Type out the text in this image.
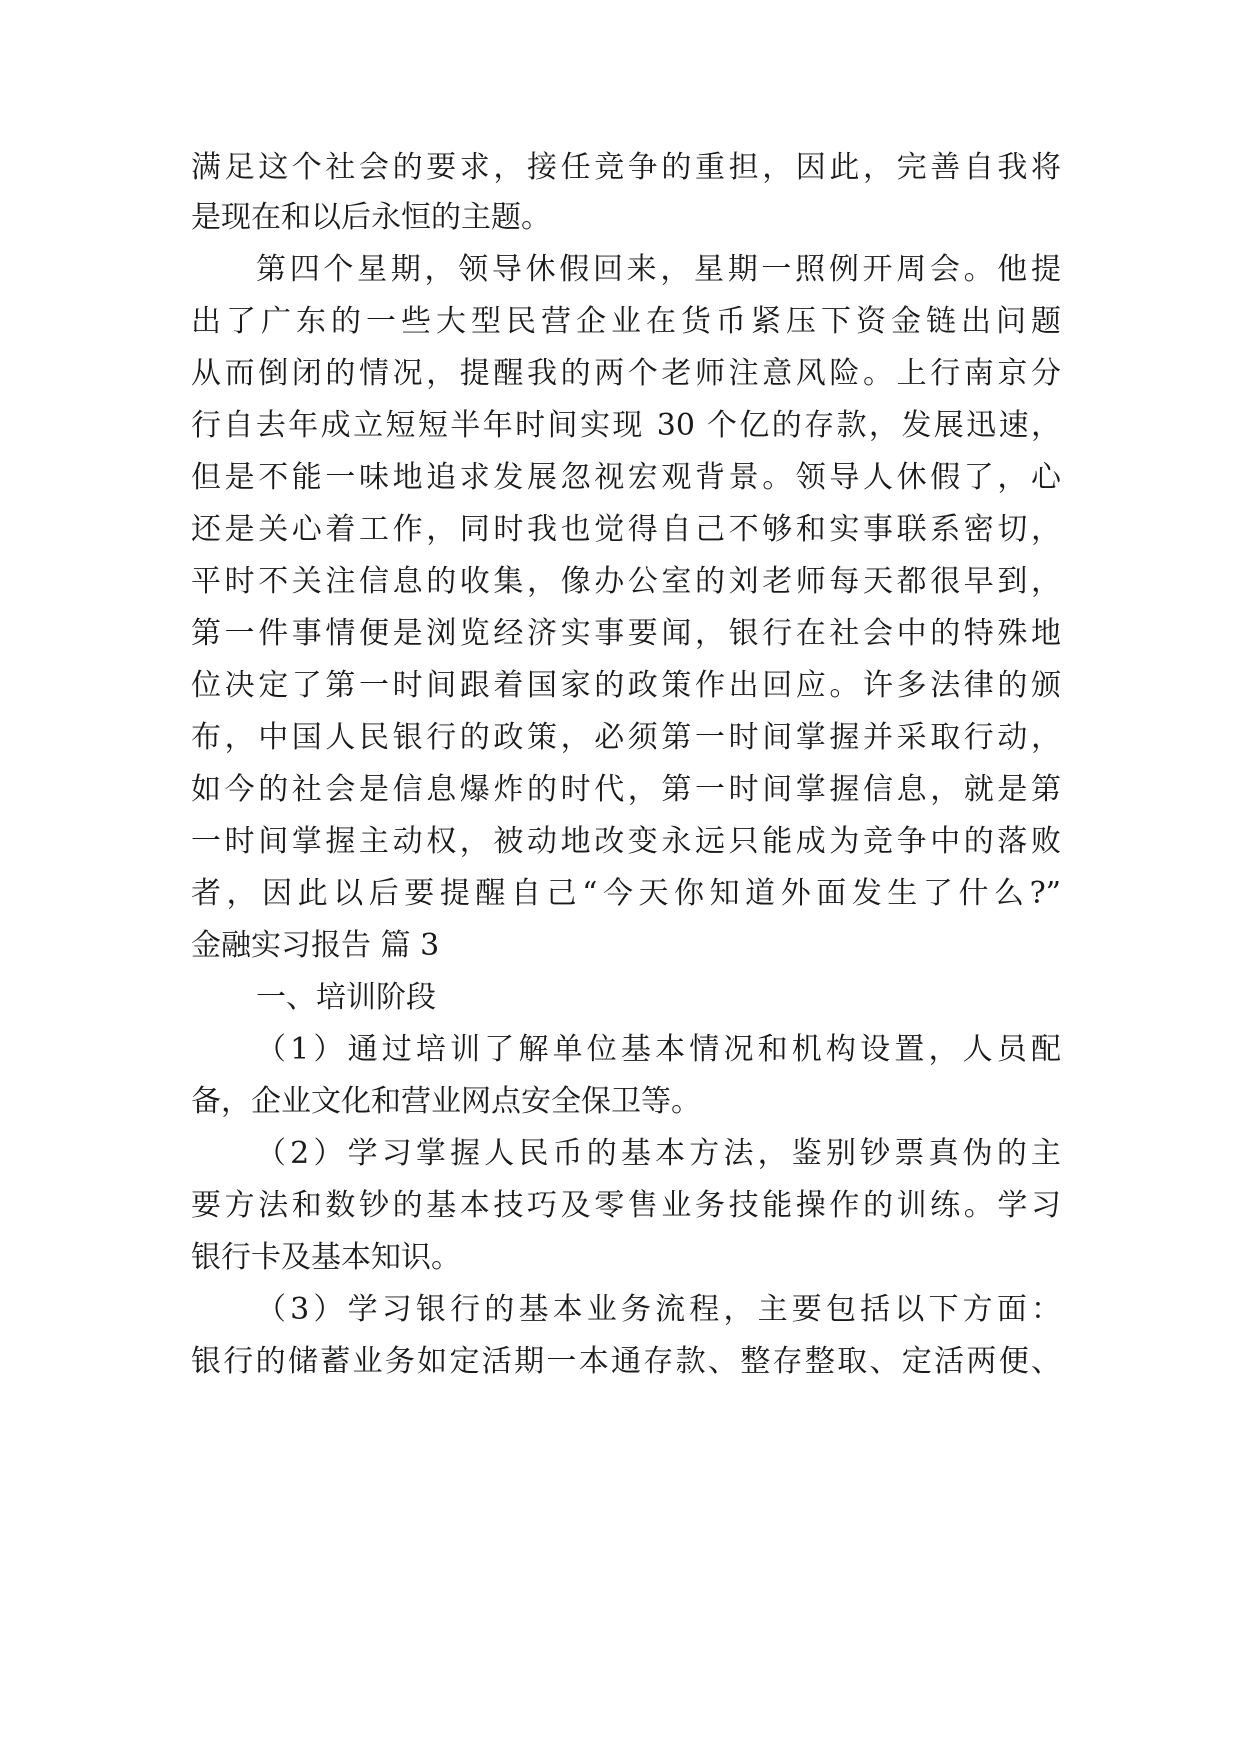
满足这个社会的要求，接任竞争的重担，因此，完善自我将
是现在和以后永恒的主题。
第四个星期，领导休假回来，星期一照例开周会。他提
出了广东的一些大型民营企业在货币紧压下资金链出问题
从而倒闭的情况，提醒我的两个老师注意风险。上行南京分
行自去年成立短短半年时间实现 30 个亿的存款，发展迅速，
但是不能一味地追求发展忽视宏观背景。领导人休假了，心
还是关心着工作，同时我也觉得自己不够和实事联系密切，
平时不关注信息的收集，像办公室的刘老师每天都很早到，
第一件事情便是浏览经济实事要闻，银行在社会中的特殊地
位决定了第一时间跟着国家的政策作出回应。许多法律的颁
布，中国人民银行的政策，必须第一时间掌握并采取行动，
如今的社会是信息爆炸的时代，第一时间掌握信息，就是第
一时间掌握主动权，被动地改变永远只能成为竞争中的落败
者，因此以后要提醒自己“今天你知道外面发生了什么?”
金融实习报告 篇 3
一、培训阶段
（1）通过培训了解单位基本情况和机构设置，人员配
备，企业文化和营业网点安全保卫等。
（2）学习掌握人民币的基本方法，鉴别钞票真伪的主
要方法和数钞的基本技巧及零售业务技能操作的训练。学习
银行卡及基本知识。
（3）学习银行的基本业务流程，主要包括以下方面：
银行的储蓄业务如定活期一本通存款、整存整取、定活两便、
